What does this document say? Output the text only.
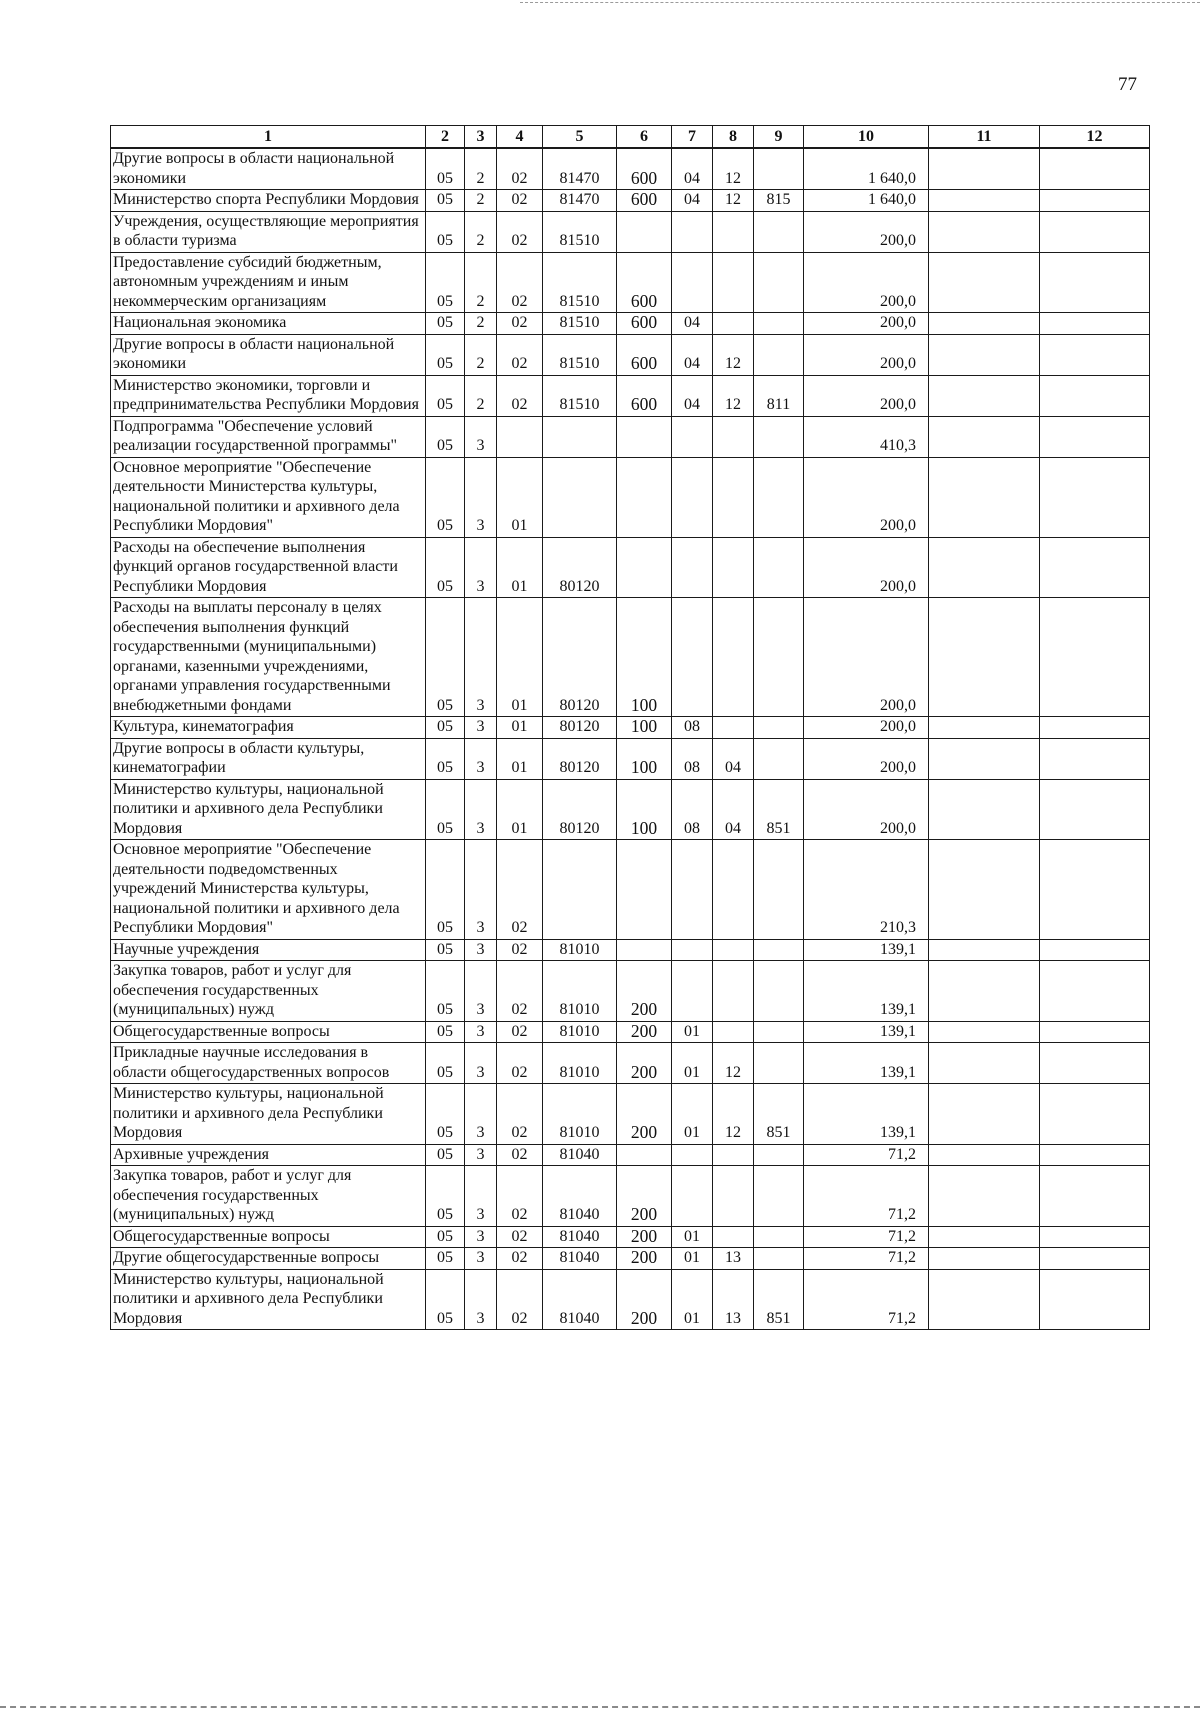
77
1	2	3	4	5	6	7	8	9	10	11	12
Другие вопросы в области национальной экономики	05	2	02	81470	600	04	12		1 640,0		
Министерство спорта Республики Мордовия	05	2	02	81470	600	04	12	815	1 640,0		
Учреждения, осуществляющие мероприятия в области туризма	05	2	02	81510					200,0		
Предоставление субсидий бюджетным, автономным учреждениям и иным некоммерческим организациям	05	2	02	81510	600				200,0		
Национальная экономика	05	2	02	81510	600	04			200,0		
Другие вопросы в области национальной экономики	05	2	02	81510	600	04	12		200,0		
Министерство экономики, торговли и предпринимательства Республики Мордовия	05	2	02	81510	600	04	12	811	200,0		
Подпрограмма "Обеспечение условий реализации государственной программы"	05	3							410,3		
Основное мероприятие "Обеспечение деятельности Министерства культуры, национальной политики и архивного дела Республики Мордовия"	05	3	01						200,0		
Расходы на обеспечение выполнения функций органов государственной власти Республики Мордовия	05	3	01	80120					200,0		
Расходы на выплаты персоналу в целях обеспечения выполнения функций государственными (муниципальными) органами, казенными учреждениями, органами управления государственными внебюджетными фондами	05	3	01	80120	100				200,0		
Культура, кинематография	05	3	01	80120	100	08			200,0		
Другие вопросы в области культуры, кинематографии	05	3	01	80120	100	08	04		200,0		
Министерство культуры, национальной политики и архивного дела Республики Мордовия	05	3	01	80120	100	08	04	851	200,0		
Основное мероприятие "Обеспечение деятельности подведомственных учреждений Министерства культуры, национальной политики и архивного дела Республики Мордовия"	05	3	02						210,3		
Научные учреждения	05	3	02	81010					139,1		
Закупка товаров, работ и услуг для обеспечения государственных (муниципальных) нужд	05	3	02	81010	200				139,1		
Общегосударственные вопросы	05	3	02	81010	200	01			139,1		
Прикладные научные исследования в области общегосударственных вопросов	05	3	02	81010	200	01	12		139,1		
Министерство культуры, национальной политики и архивного дела Республики Мордовия	05	3	02	81010	200	01	12	851	139,1		
Архивные учреждения	05	3	02	81040					71,2		
Закупка товаров, работ и услуг для обеспечения государственных (муниципальных) нужд	05	3	02	81040	200				71,2		
Общегосударственные вопросы	05	3	02	81040	200	01			71,2		
Другие общегосударственные вопросы	05	3	02	81040	200	01	13		71,2		
Министерство культуры, национальной политики и архивного дела Республики Мордовия	05	3	02	81040	200	01	13	851	71,2		
